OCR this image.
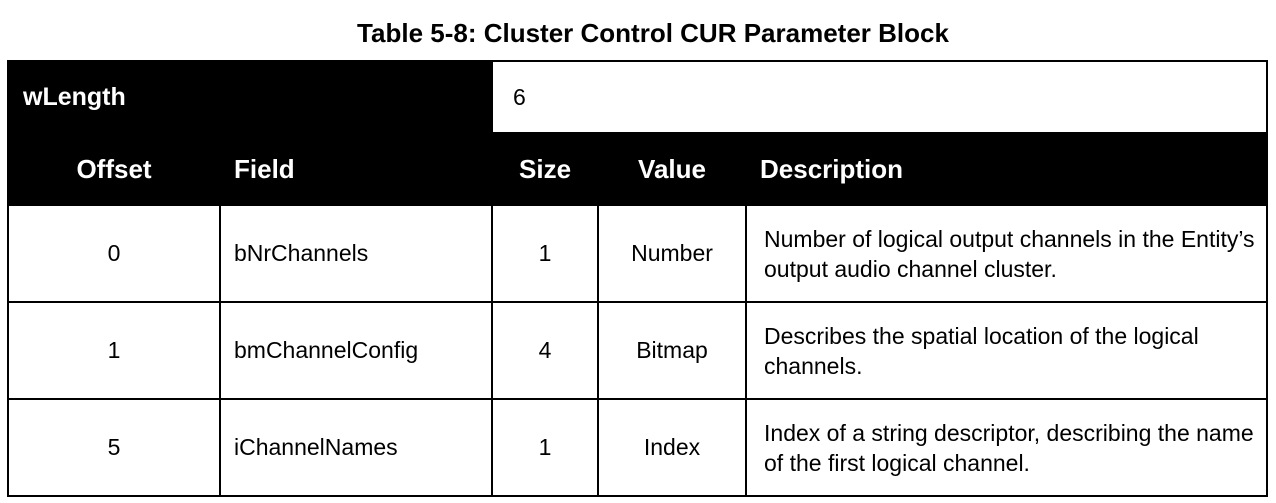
Table 5-8: Cluster Control CUR Parameter Block
wLength		6		
Offset	Field	Size	Value	Description
0	bNrChannels	1	Number	Number of logical output channels in the Entity’s output audio channel cluster.
1	bmChannelConfig	4	Bitmap	Describes the spatial location of the logical channels.
5	iChannelNames	1	Index	Index of a string descriptor, describing the name of the first logical channel.
